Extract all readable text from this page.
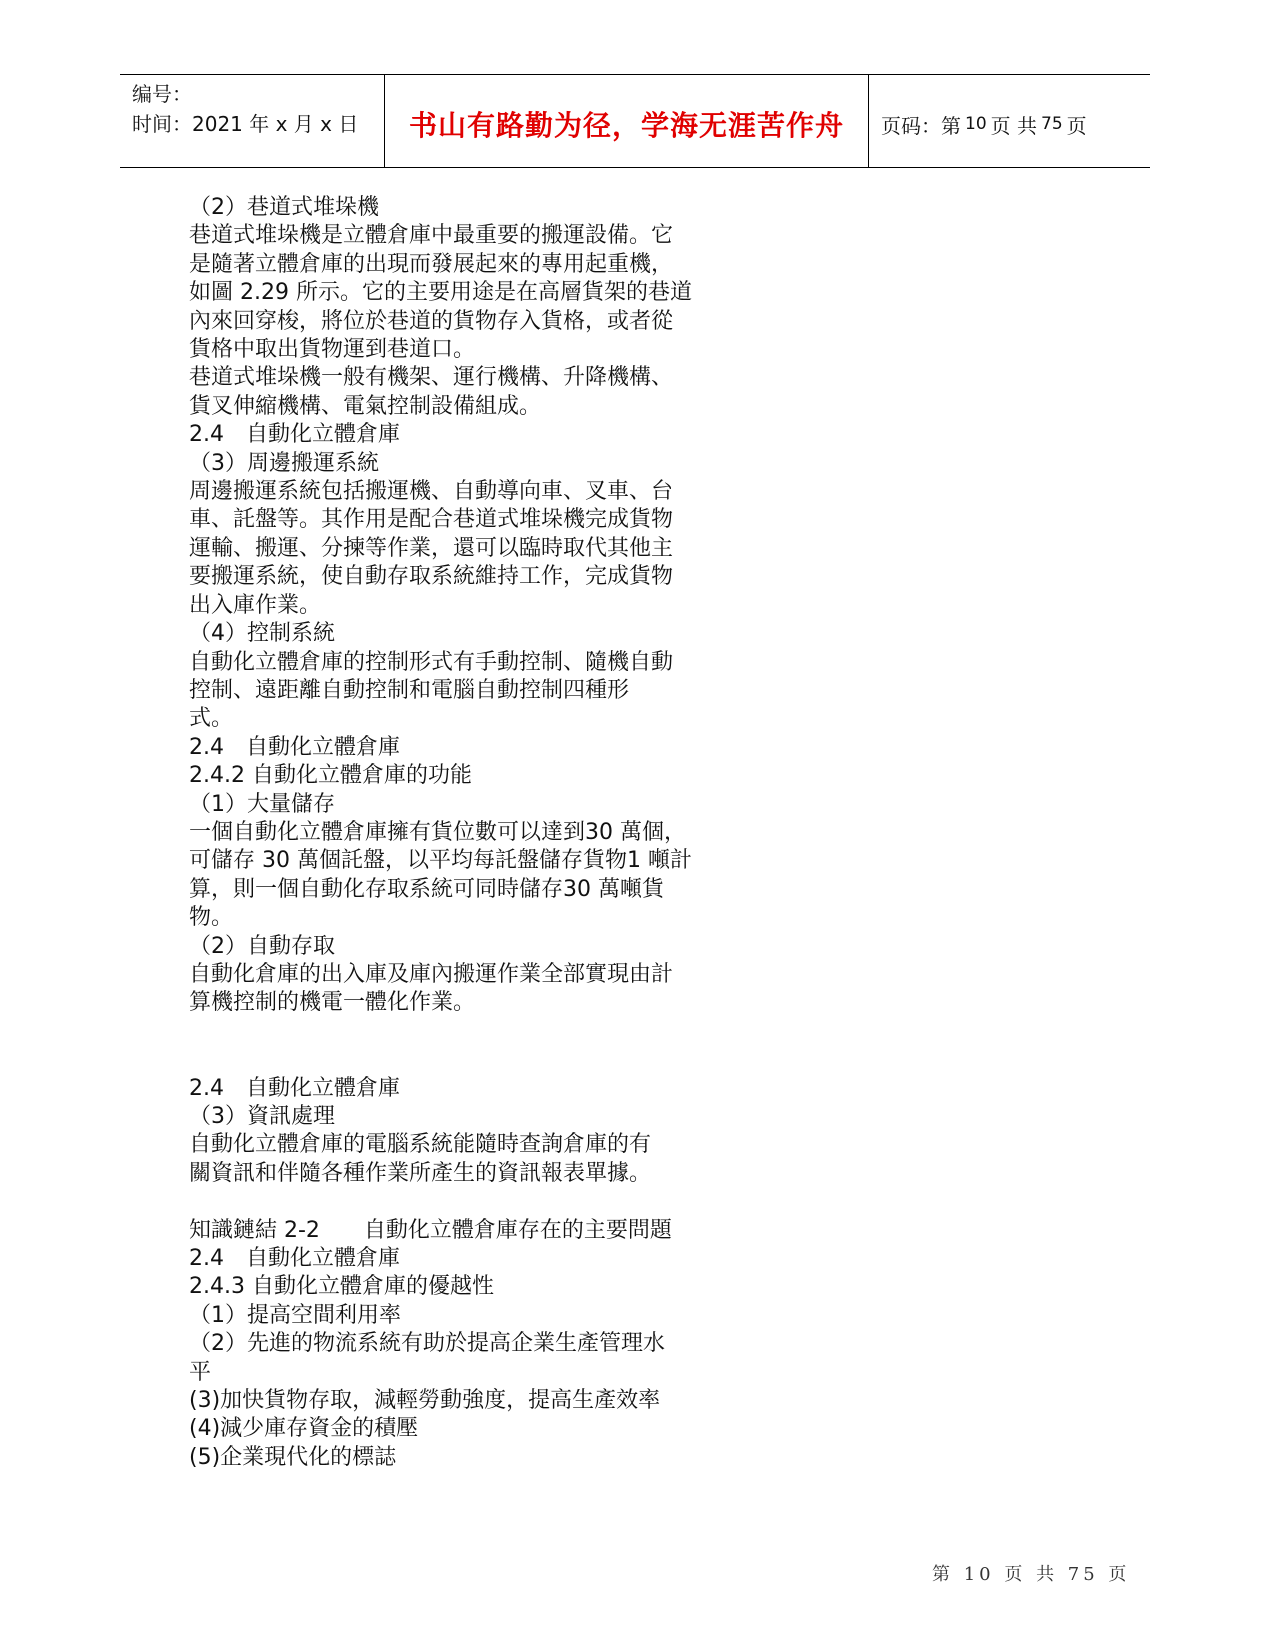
编号：
时间：2021 年 x 月 x 日	书山有路勤为径，学海无涯苦作舟	页码：第 10 页 共 75 页
（2）巷道式堆垛機
巷道式堆垛機是立體倉庫中最重要的搬運設備。它
是隨著立體倉庫的出現而發展起來的專用起重機，
如圖 2.29 所示。它的主要用途是在高層貨架的巷道
內來回穿梭，將位於巷道的貨物存入貨格，或者從
貨格中取出貨物運到巷道口。
巷道式堆垛機一般有機架、運行機構、升降機構、
貨叉伸縮機構、電氣控制設備組成。
2.4　自動化立體倉庫
（3）周邊搬運系統
周邊搬運系統包括搬運機、自動導向車、叉車、台
車、託盤等。其作用是配合巷道式堆垛機完成貨物
運輸、搬運、分揀等作業，還可以臨時取代其他主
要搬運系統，使自動存取系統維持工作，完成貨物
出入庫作業。
（4）控制系統
自動化立體倉庫的控制形式有手動控制、隨機自動
控制、遠距離自動控制和電腦自動控制四種形
式。
2.4　自動化立體倉庫
2.4.2 自動化立體倉庫的功能
（1）大量儲存
一個自動化立體倉庫擁有貨位數可以達到30 萬個，
可儲存 30 萬個託盤，以平均每託盤儲存貨物1 噸計
算，則一個自動化存取系統可同時儲存30 萬噸貨
物。
（2）自動存取
自動化倉庫的出入庫及庫內搬運作業全部實現由計
算機控制的機電一體化作業。
2.4　自動化立體倉庫
（3）資訊處理
自動化立體倉庫的電腦系統能隨時查詢倉庫的有
關資訊和伴隨各種作業所產生的資訊報表單據。
知識鏈結 2-2　　自動化立體倉庫存在的主要問題
2.4　自動化立體倉庫
2.4.3 自動化立體倉庫的優越性
（1）提高空間利用率
（2）先進的物流系統有助於提高企業生產管理水
平
(3)加快貨物存取，減輕勞動強度，提高生產效率
(4)減少庫存資金的積壓
(5)企業現代化的標誌
第 10 页 共 75 页
